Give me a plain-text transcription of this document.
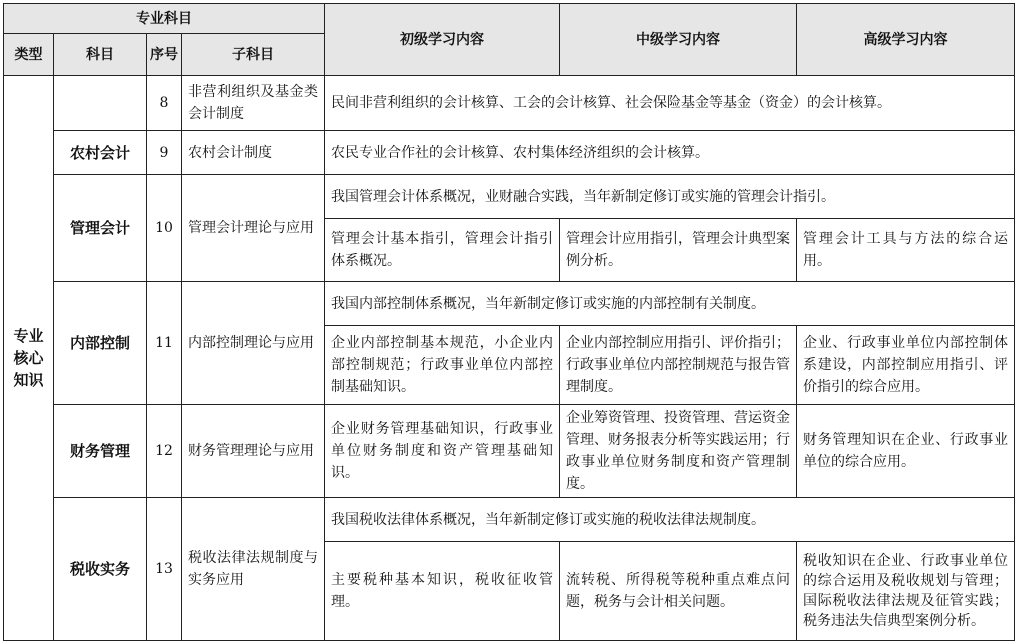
专业科目				初级学习内容	中级学习内容	高级学习内容
类型	科目	序号	子科目			

专业
核心
知识		8	非营利组织及基金类会计制度	民间非营利组织的会计核算、工会的会计核算、社会保险基金等基金（资金）的会计核算。		
	农村会计	9	农村会计制度	农民专业合作社的会计核算、农村集体经济组织的会计核算。		
	管理会计	10	管理会计理论与应用	我国管理会计体系概况，业财融合实践，当年新制定修订或实施的管理会计指引。		
				管理会计基本指引，管理会计指引体系概况。	管理会计应用指引，管理会计典型案例分析。	管理会计工具与方法的综合运用。
	内部控制	11	内部控制理论与应用	我国内部控制体系概况，当年新制定修订或实施的内部控制有关制度。		
				企业内部控制基本规范，小企业内部控制规范；行政事业单位内部控制基础知识。	企业内部控制应用指引、评价指引；行政事业单位内部控制规范与报告管理制度。	企业、行政事业单位内部控制体系建设，内部控制应用指引、评价指引的综合应用。
	财务管理	12	财务管理理论与应用	企业财务管理基础知识，行政事业单位财务制度和资产管理基础知识。	企业筹资管理、投资管理、营运资金管理、财务报表分析等实践运用；行政事业单位财务制度和资产管理制度。	财务管理知识在企业、行政事业单位的综合应用。
	税收实务	13	税收法律法规制度与实务应用	我国税收法律体系概况，当年新制定修订或实施的税收法律法规制度。		
				主要税种基本知识，税收征收管理。	流转税、所得税等税种重点难点问题，税务与会计相关问题。	税收知识在企业、行政事业单位的综合运用及税收规划与管理；国际税收法律法规及征管实践；税务违法失信典型案例分析。
